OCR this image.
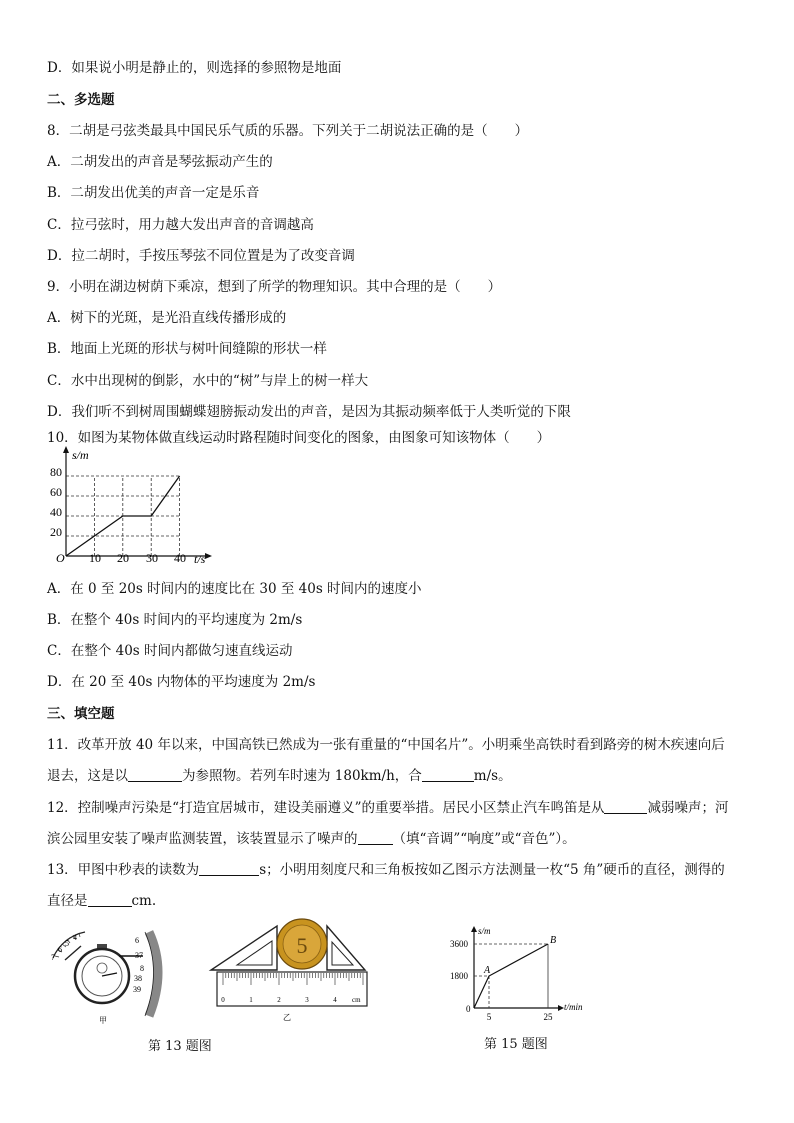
D．如果说小明是静止的，则选择的参照物是地面
二、多选题
8．二胡是弓弦类最具中国民乐气质的乐器。下列关于二胡说法正确的是（　　）
A．二胡发出的声音是琴弦振动产生的
B．二胡发出优美的声音一定是乐音
C．拉弓弦时，用力越大发出声音的音调越高
D．拉二胡时，手按压琴弦不同位置是为了改变音调
9．小明在湖边树荫下乘凉，想到了所学的物理知识。其中合理的是（　　）
A．树下的光斑，是光沿直线传播形成的
B．地面上光斑的形状与树叶间缝隙的形状一样
C．水中出现树的倒影，水中的“树”与岸上的树一样大
D．我们听不到树周围蝴蝶翅膀振动发出的声音，是因为其振动频率低于人类听觉的下限
10．如图为某物体做直线运动时路程随时间变化的图象，由图象可知该物体（　　）
s/m
t/s
O
20
40
60
80
10 20 30 40
A．在 0 至 20s 时间内的速度比在 30 至 40s 时间内的速度小
B．在整个 40s 时间内的平均速度为 2m/s
C．在整个 40s 时间内都做匀速直线运动
D．在 20 至 40s 内物体的平均速度为 2m/s
三、填空题
11．改革开放 40 年以来，中国高铁已然成为一张有重量的“中国名片”。小明乘坐高铁时看到路旁的树木疾速向后
退去，这是以	为参照物。若列车时速为 180km/h，合	m/s。
12．控制噪声污染是“打造宜居城市，建设美丽遵义”的重要举措。居民小区禁止汽车鸣笛是从	减弱噪声；河
滨公园里安装了噪声监测装置，该装置显示了噪声的	（填“音调”“响度”或“音色”）。
13．甲图中秒表的读数为	s；小明用刻度尺和三角板按如乙图示方法测量一枚“5 角”硬币的直径，测得的
直径是	cm.
4
5
6
7
6
37
8
38
39
甲
5
0	1	2	3	4 cm
乙
第 13 题图
s/m
t/min
3600
1800
0
5	25
A
B
第 15 题图
